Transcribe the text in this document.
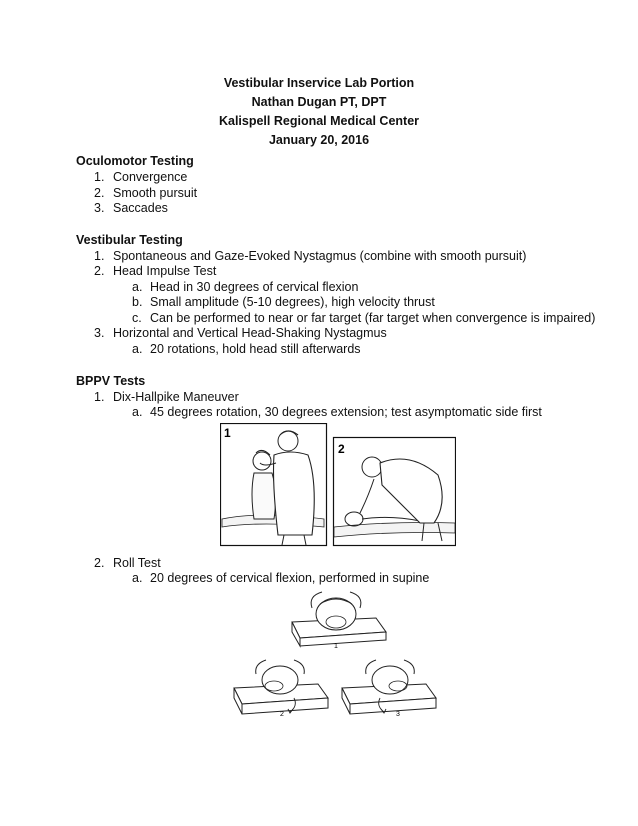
Vestibular Inservice Lab Portion
Nathan Dugan PT, DPT
Kalispell Regional Medical Center
January 20, 2016
Oculomotor Testing
1. Convergence
2. Smooth pursuit
3. Saccades
Vestibular Testing
1. Spontaneous and Gaze-Evoked Nystagmus (combine with smooth pursuit)
2. Head Impulse Test
a. Head in 30 degrees of cervical flexion
b. Small amplitude (5-10 degrees), high velocity thrust
c. Can be performed to near or far target (far target when convergence is impaired)
3. Horizontal and Vertical Head-Shaking Nystagmus
a. 20 rotations, hold head still afterwards
BPPV Tests
1. Dix-Hallpike Maneuver
a. 45 degrees rotation, 30 degrees extension; test asymptomatic side first
1
2
2. Roll Test
a. 20 degrees of cervical flexion, performed in supine
1
2	3
